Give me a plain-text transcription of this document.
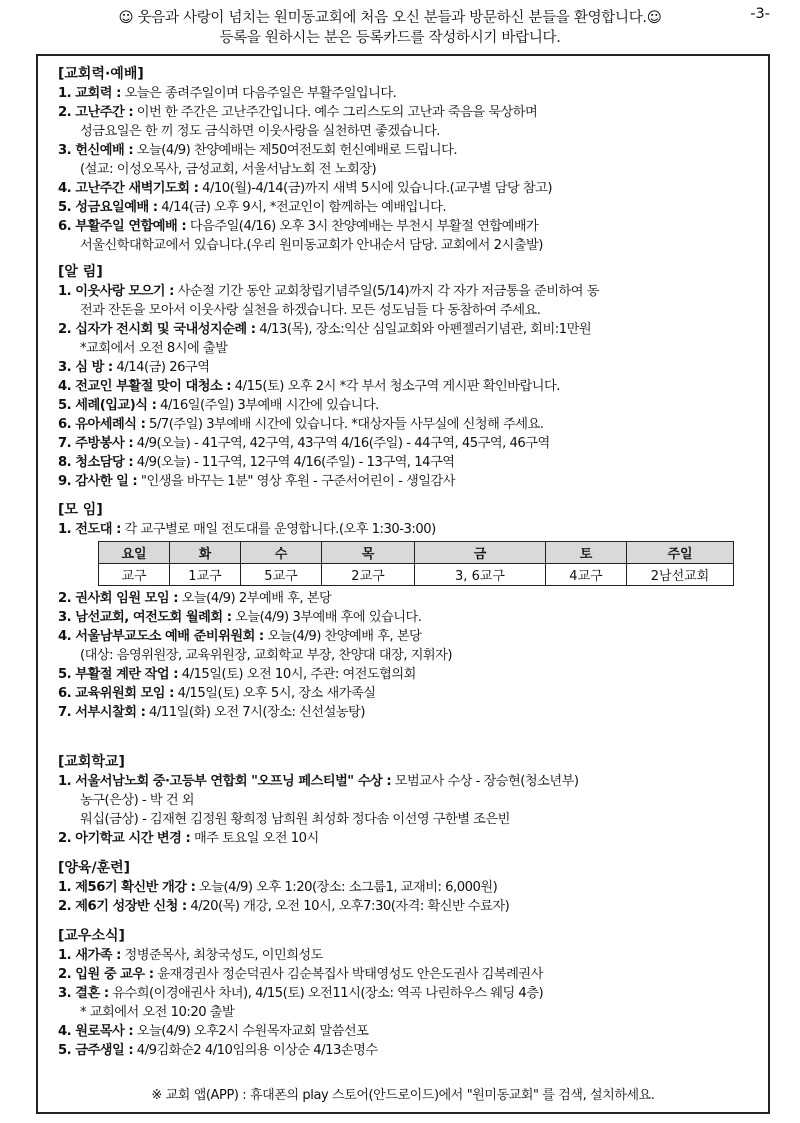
☺ 웃음과 사랑이 넘치는 원미동교회에 처음 오신 분들과 방문하신 분들을 환영합니다.☺
등록을 원하시는 분은 등록카드를 작성하시기 바랍니다.
-3-
[교회력·예배]
1. 교회력 : 오늘은 종려주일이며 다음주일은 부활주일입니다.
2. 고난주간 : 이번 한 주간은 고난주간입니다. 예수 그리스도의 고난과 죽음을 묵상하며
성금요일은 한 끼 정도 금식하면 이웃사랑을 실천하면 좋겠습니다.
3. 헌신예배 : 오늘(4/9) 찬양예배는 제50여전도회 헌신예배로 드립니다.
(설교: 이성오목사, 금성교회, 서울서남노회 전 노회장)
4. 고난주간 새벽기도회 : 4/10(월)-4/14(금)까지 새벽 5시에 있습니다.(교구별 담당 참고)
5. 성금요일예배 : 4/14(금) 오후 9시, *전교인이 함께하는 예배입니다.
6. 부활주일 연합예배 : 다음주일(4/16) 오후 3시 찬양예배는 부천시 부활절 연합예배가
서울신학대학교에서 있습니다.(우리 원미동교회가 안내순서 담당. 교회에서 2시출발)
[알 림]
1. 이웃사랑 모으기 : 사순절 기간 동안 교회창립기념주일(5/14)까지 각 자가 저금통을 준비하여 동
전과 잔돈을 모아서 이웃사랑 실천을 하겠습니다. 모든 성도님들 다 동참하여 주세요.
2. 십자가 전시회 및 국내성지순례 : 4/13(목), 장소:익산 심일교회와 아펜젤러기념관, 회비:1만원
*교회에서 오전 8시에 출발
3. 심 방 : 4/14(금) 26구역
4. 전교인 부활절 맞이 대청소 : 4/15(토) 오후 2시 *각 부서 청소구역 게시판 확인바랍니다.
5. 세례(입교)식 : 4/16일(주일) 3부예배 시간에 있습니다.
6. 유아세례식 : 5/7(주일) 3부예배 시간에 있습니다. *대상자들 사무실에 신청해 주세요.
7. 주방봉사 : 4/9(오늘) - 41구역, 42구역, 43구역 4/16(주일) - 44구역, 45구역, 46구역
8. 청소담당 : 4/9(오늘) - 11구역, 12구역 4/16(주일) - 13구역, 14구역
9. 감사한 일 : "인생을 바꾸는 1분" 영상 후원 - 구준서어린이 - 생일감사
[모 임]
1. 전도대 : 각 교구별로 매일 전도대를 운영합니다.(오후 1:30-3:00)
요일	화	수	목	금	토	주일
교구	1교구	5교구	2교구	3, 6교구	4교구	2남선교회
2. 권사회 임원 모임 : 오늘(4/9) 2부예배 후, 본당
3. 남선교회, 여전도회 월례회 : 오늘(4/9) 3부예배 후에 있습니다.
4. 서울남부교도소 예배 준비위원회 : 오늘(4/9) 찬양예배 후, 본당
(대상: 음영위원장, 교육위원장, 교회학교 부장, 찬양대 대장, 지휘자)
5. 부활절 계란 작업 : 4/15일(토) 오전 10시, 주관: 여전도협의회
6. 교육위원회 모임 : 4/15일(토) 오후 5시, 장소 새가족실
7. 서부시찰회 : 4/11일(화) 오전 7시(장소: 신선설농탕)
[교회학교]
1. 서울서남노회 중·고등부 연합회 "오프닝 페스티벌" 수상 : 모범교사 수상 - 장승현(청소년부)
농구(은상) - 박 건 외
워십(금상) - 김재현 김정원 황희정 남희원 최성화 정다솜 이선영 구한별 조은빈
2. 아기학교 시간 변경 : 매주 토요일 오전 10시
[양육/훈련]
1. 제56기 확신반 개강 : 오늘(4/9) 오후 1:20(장소: 소그룹1, 교재비: 6,000원)
2. 제6기 성장반 신청 : 4/20(목) 개강, 오전 10시, 오후7:30(자격: 확신반 수료자)
[교우소식]
1. 새가족 : 정병준목사, 최창국성도, 이민희성도
2. 입원 중 교우 : 윤재경권사 정순덕권사 김순복집사 박태영성도 안은도권사 김복례권사
3. 결혼 : 유수희(이경애권사 차녀), 4/15(토) 오전11시(장소: 역곡 나린하우스 웨딩 4층)
* 교회에서 오전 10:20 출발
4. 원로목사 : 오늘(4/9) 오후2시 수원목자교회 말씀선포
5. 금주생일 : 4/9김화순2 4/10임의용 이상순 4/13손명수
※ 교회 앱(APP) : 휴대폰의 play 스토어(안드로이드)에서 "원미동교회" 를 검색, 설치하세요.
